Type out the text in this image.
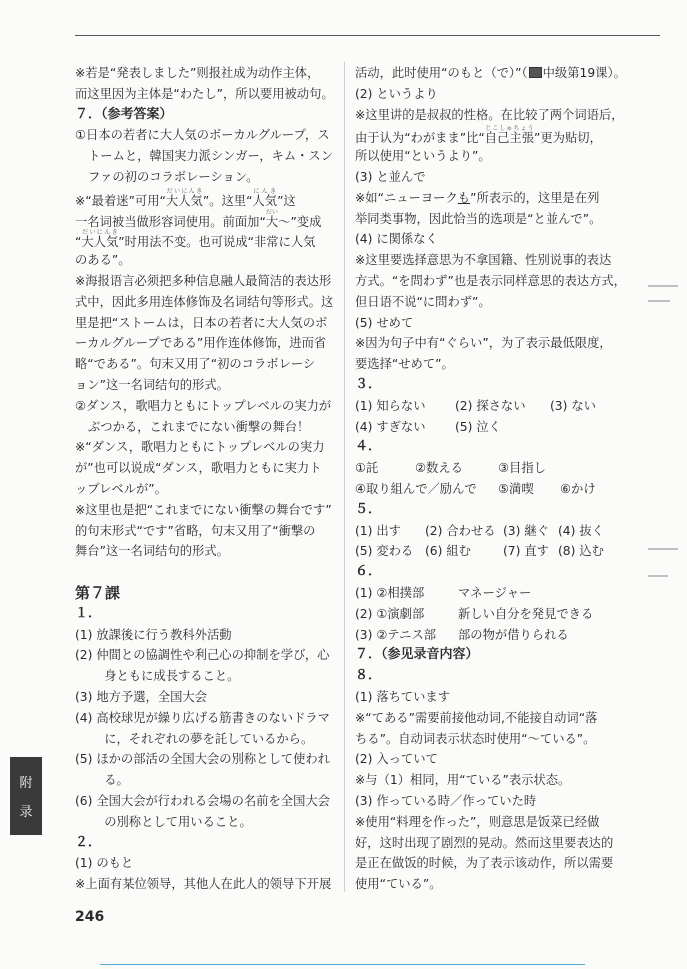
※若是“発表しました”则报社成为动作主体，
而这里因为主体是“わたし”，所以要用被动句。
７．（参考答案）
①日本の若者に大人気のボーカルグループ，ス
トームと，韓国実力派シンガー，キム・スン
ファの初のコラボレーション。
※“最着迷”可用“大人気だいにんき”。这里“人気にんき”这
一名词被当做形容词使用。前面加“大だい～”变成
“大人気だいにんき”时用法不变。也可说成“非常に人気
のある”。
※海报语言必须把多种信息融人最简洁的表达形
式中，因此多用连体修饰及名词结句等形式。这
里是把“ストームは，日本の若者に大人気のボ
ーカルグループである”用作连体修饰，进而省
略“である”。句末又用了“初のコラボレーシ
ョン”这一名词结句的形式。
②ダンス，歌唱力ともにトップレベルの実力が
ぶつかる，これまでにない衝撃の舞台！
※“ダンス，歌唱力ともにトップレベルの実力
が”也可以说成“ダンス，歌唱力ともに実力ト
ップレベルが”。
※这里也是把“これまでにない衝撃の舞台です”
的句末形式“です”省略，句末又用了“衝撃の
舞台”这一名词结句的形式。
第７課
１．
(1) 放課後に行う教科外活動
(2) 仲間との協調性や利己心の抑制を学び，心
　 身ともに成長すること。
(3) 地方予選，全国大会
(4) 高校球児が繰り広げる筋書きのないドラマ
　 に，それぞれの夢を託しているから。
(5) ほかの部活の全国大会の別称として使われ
　 る。
(6) 全国大会が行われる会場の名前を全国大会
　 の別称として用いること。
２．
(1) のもと
※上面有某位领导，其他人在此人的领导下开展
活动，此时使用“のもと（で）”（ 中级第19课）。
(2) というより
※这里讲的是叔叔的性格。在比较了两个词语后，
由于认为“わがまま”比“自己主張じこしゅちょう”更为贴切，
所以使用“というより”。
(3) と並んで
※如“ニューヨークも”所表示的，这里是在列
举同类事物，因此恰当的选项是“と並んで”。
(4) に関係なく
※这里要选择意思为不拿国籍、性别说事的表达
方式。“を問わず”也是表示同样意思的表达方式，
但日语不说“に問わず”。
(5) せめて
※因为句子中有“ぐらい”，为了表示最低限度，
要选择“せめて”。
３．
(1) 知らない (2) 探さない (3) ない
(4) すぎない (5) 泣く
４．
①託	②数える	③目指し
④取り組んで／励んで ⑤満喫 ⑥かけ
５．
(1) 出す (2) 合わせる (3) 継ぐ (4) 抜く
(5) 変わる (6) 組む	(7) 直す (8) 込む
６．
(1) ②相撲部	マネージャー
(2) ①演劇部	新しい自分を発見できる
(3) ②テニス部 部の物が借りられる
７．（参见录音内容）
８．
(1) 落ちています
※“てある”需要前接他动词,不能接自动词“落
ちる”。自动词表示状态时使用“～ている”。
(2) 入っていて
※与（1）相同，用“ている”表示状态。
(3) 作っている時／作っていた時
※使用“料理を作った”，则意思是饭菜已经做
好，这时出现了剧烈的晃动。然而这里要表达的
是正在做饭的时候，为了表示该动作，所以需要
使用“ている”。
附
录
246
